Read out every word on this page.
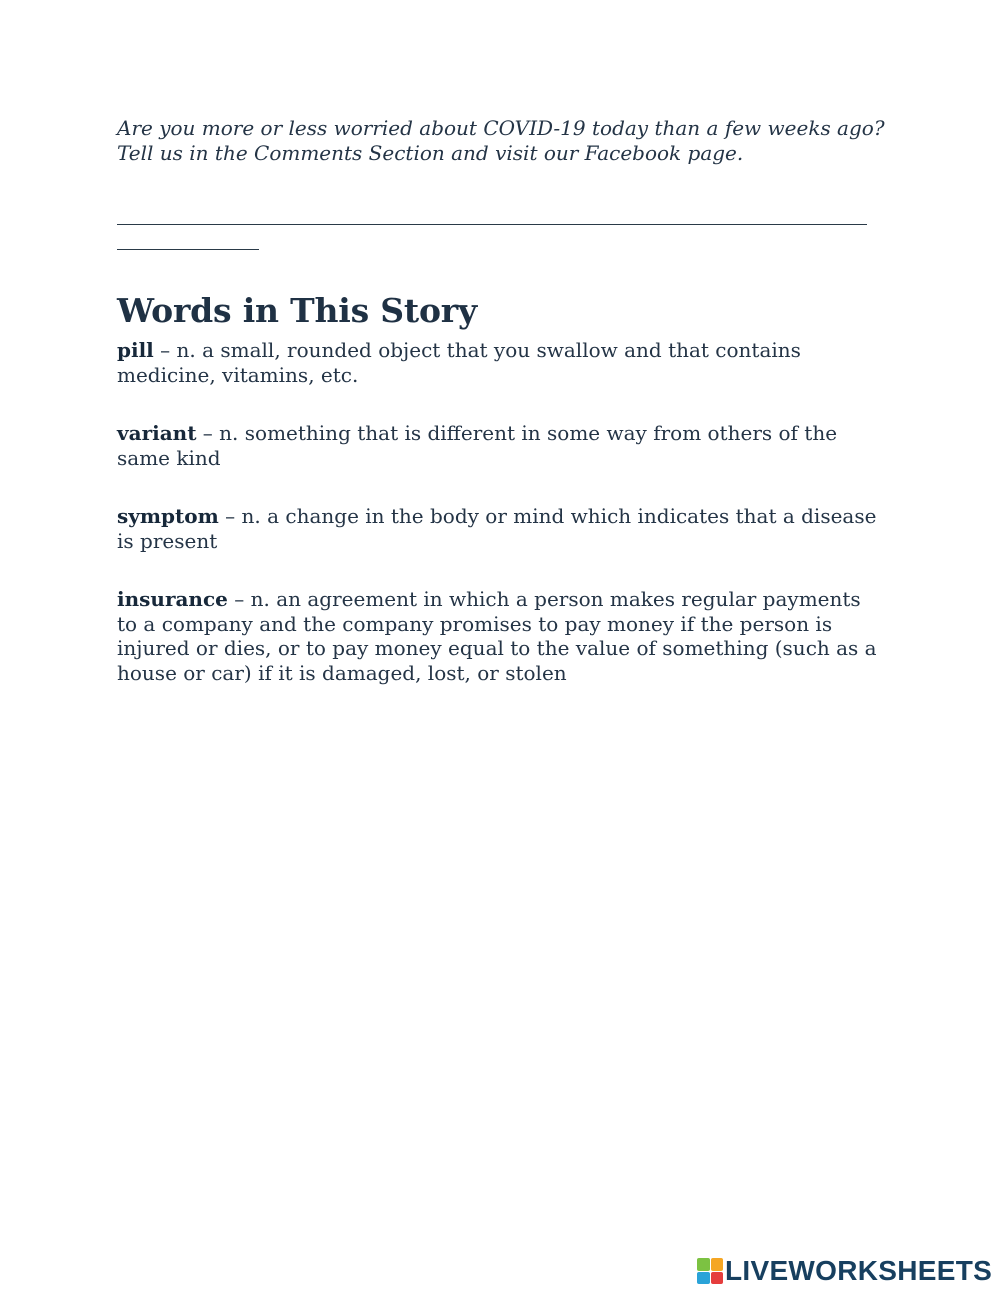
Are you more or less worried about COVID-19 today than a few weeks ago?
Tell us in the Comments Section and visit our Facebook page.

Words in This Story

pill – n. a small, rounded object that you swallow and that contains medicine, vitamins, etc.

variant – n. something that is different in some way from others of the same kind

symptom – n. a change in the body or mind which indicates that a disease is present

insurance – n. an agreement in which a person makes regular payments to a company and the company promises to pay money if the person is injured or dies, or to pay money equal to the value of something (such as a house or car) if it is damaged, lost, or stolen

LIVEWORKSHEETS
